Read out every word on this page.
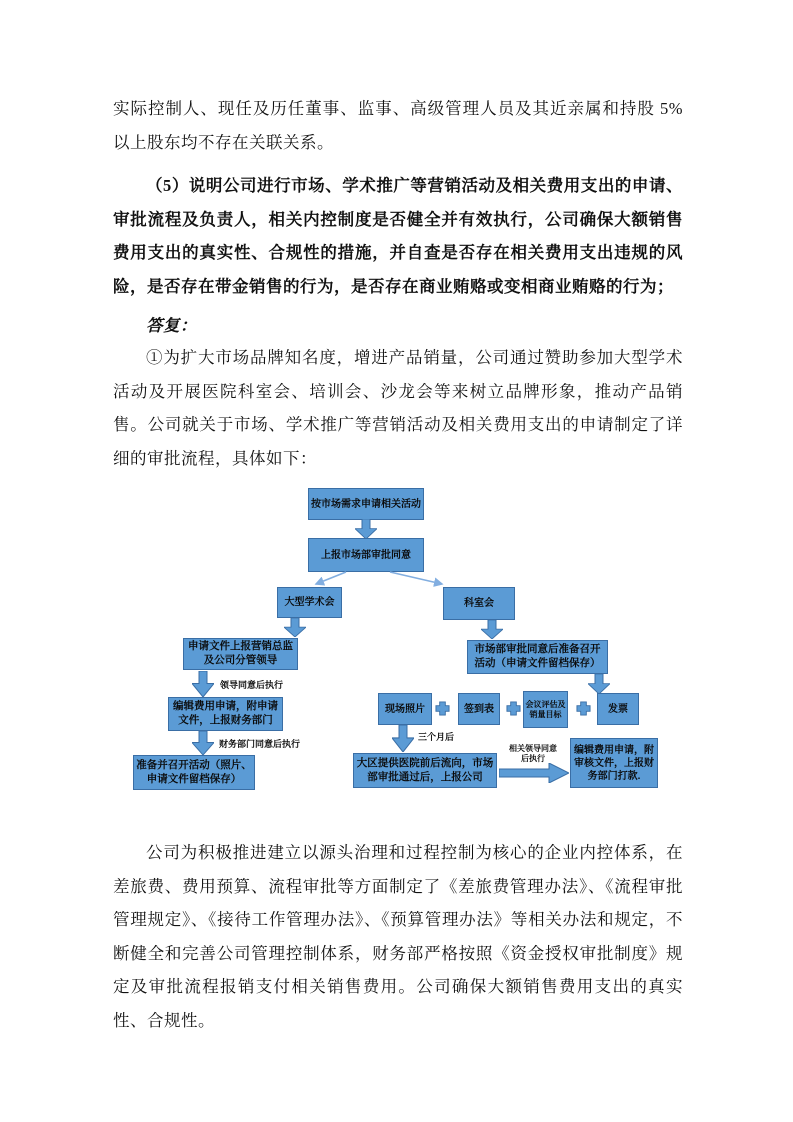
实际控制人、现任及历任董事、监事、高级管理人员及其近亲属和持股 5%以上股东均不存在关联关系。
（5）说明公司进行市场、学术推广等营销活动及相关费用支出的申请、审批流程及负责人，相关内控制度是否健全并有效执行，公司确保大额销售费用支出的真实性、合规性的措施，并自查是否存在相关费用支出违规的风险，是否存在带金销售的行为，是否存在商业贿赂或变相商业贿赂的行为；
答复：
①为扩大市场品牌知名度，增进产品销量，公司通过赞助参加大型学术活动及开展医院科室会、培训会、沙龙会等来树立品牌形象，推动产品销售。公司就关于市场、学术推广等营销活动及相关费用支出的申请制定了详细的审批流程，具体如下：
按市场需求申请相关活动
上报市场部审批同意
大型学术会	科室会
申请文件上报营销总监及公司分管领导
领导同意后执行
编辑费用申请，附申请文件，上报财务部门
财务部门同意后执行
准备并召开活动（照片、申请文件留档保存）
市场部审批同意后准备召开活动（申请文件留档保存）
现场照片	签到表	会议评估及销量目标	发票
三个月后
大区提供医院前后流向，市场部审批通过后，上报公司
相关领导同意后执行
编辑费用申请，附审核文件，上报财务部门打款.
公司为积极推进建立以源头治理和过程控制为核心的企业内控体系，在差旅费、费用预算、流程审批等方面制定了《差旅费管理办法》、《流程审批管理规定》、《接待工作管理办法》、《预算管理办法》等相关办法和规定，不断健全和完善公司管理控制体系，财务部严格按照《资金授权审批制度》规定及审批流程报销支付相关销售费用。公司确保大额销售费用支出的真实性、合规性。
